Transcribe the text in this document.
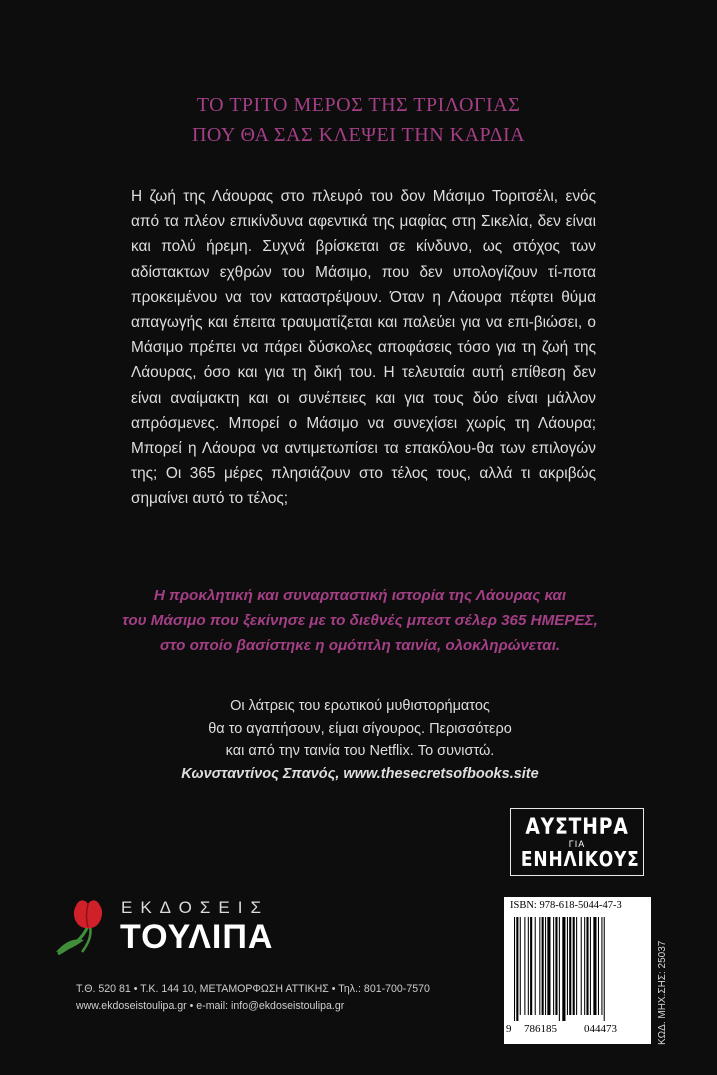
ΤΟ ΤΡΙΤΟ ΜΕΡΟΣ ΤΗΣ ΤΡΙΛΟΓΙΑΣ
ΠΟΥ ΘΑ ΣΑΣ ΚΛΕΨΕΙ ΤΗΝ ΚΑΡΔΙΑ
Η ζωή της Λάουρας στο πλευρό του δον Μάσιμο Τοριτσέλι, ενός από τα πλέον επικίνδυνα αφεντικά της μαφίας στη Σικελία, δεν είναι και πολύ ήρεμη. Συχνά βρίσκεται σε κίνδυνο, ως στόχος των αδίστακτων εχθρών του Μάσιμο, που δεν υπολογίζουν τί-ποτα προκειμένου να τον καταστρέψουν. Όταν η Λάουρα πέφτει θύμα απαγωγής και έπειτα τραυματίζεται και παλεύει για να επι-βιώσει, ο Μάσιμο πρέπει να πάρει δύσκολες αποφάσεις τόσο για τη ζωή της Λάουρας, όσο και για τη δική του. Η τελευταία αυτή επίθεση δεν είναι αναίμακτη και οι συνέπειες και για τους δύο είναι μάλλον απρόσμενες. Μπορεί ο Μάσιμο να συνεχίσει χωρίς τη Λάουρα; Μπορεί η Λάουρα να αντιμετωπίσει τα επακόλου-θα των επιλογών της; Οι 365 μέρες πλησιάζουν στο τέλος τους, αλλά τι ακριβώς σημαίνει αυτό το τέλος;
Η προκλητική και συναρπαστική ιστορία της Λάουρας και
του Μάσιμο που ξεκίνησε με το διεθνές μπεστ σέλερ 365 ΗΜΕΡΕΣ,
στο οποίο βασίστηκε η ομότιτλη ταινία, ολοκληρώνεται.
Οι λάτρεις του ερωτικού μυθιστορήματος
θα το αγαπήσουν, είμαι σίγουρος. Περισσότερο
και από την ταινία του Netflix. Το συνιστώ.
Κωνσταντίνος Σπανός, www.thesecretsofbooks.site
ΑΥΣΤΗΡΑ
ΓΙΑ
ΕΝΗΛΙΚΟΥΣ
ΕΚΔΟΣΕΙΣ
ΤΟΥΛΙΠΑ
ISBN: 978-618-5044-47-3
9 786185 044473	ΚΩΔ. ΜΗΧ.ΣΗΣ: 25037
Τ.Θ. 520 81 • Τ.Κ. 144 10, ΜΕΤΑΜΟΡΦΩΣΗ ΑΤΤΙΚΗΣ • Τηλ.: 801-700-7570
www.ekdoseistoulipa.gr • e-mail: info@ekdoseistoulipa.gr
